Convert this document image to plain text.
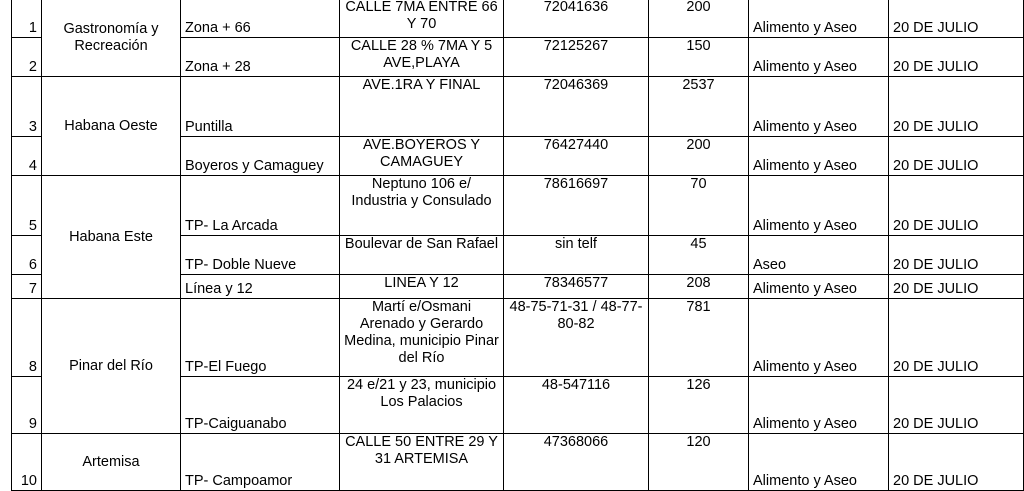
1	Gastronomía y Recreación	Zona + 66	CALLE 7MA ENTRE 66 Y 70	72041636	200	Alimento y Aseo	20 DE JULIO
2		Zona + 28	CALLE 28 % 7MA Y 5 AVE,PLAYA	72125267	150	Alimento y Aseo	20 DE JULIO
3	Habana Oeste	Puntilla	AVE.1RA Y FINAL	72046369	2537	Alimento y Aseo	20 DE JULIO
4		Boyeros y Camaguey	AVE.BOYEROS Y CAMAGUEY	76427440	200	Alimento y Aseo	20 DE JULIO
5	Habana Este	TP- La Arcada	Neptuno 106 e/ Industria y Consulado	78616697	70	Alimento y Aseo	20 DE JULIO
6		TP- Doble Nueve	Boulevar de San Rafael	sin telf	45	Aseo	20 DE JULIO
7		Línea y 12	LINEA Y 12	78346577	208	Alimento y Aseo	20 DE JULIO
8	Pinar del Río	TP-El Fuego	Martí e/Osmani Arenado y Gerardo Medina, municipio Pinar del Río	48-75-71-31 / 48-77-80-82	781	Alimento y Aseo	20 DE JULIO
9		TP-Caiguanabo	24 e/21 y 23, municipio Los Palacios	48-547116	126	Alimento y Aseo	20 DE JULIO
10	Artemisa	TP- Campoamor	CALLE 50 ENTRE 29 Y 31 ARTEMISA	47368066	120	Alimento y Aseo	20 DE JULIO
